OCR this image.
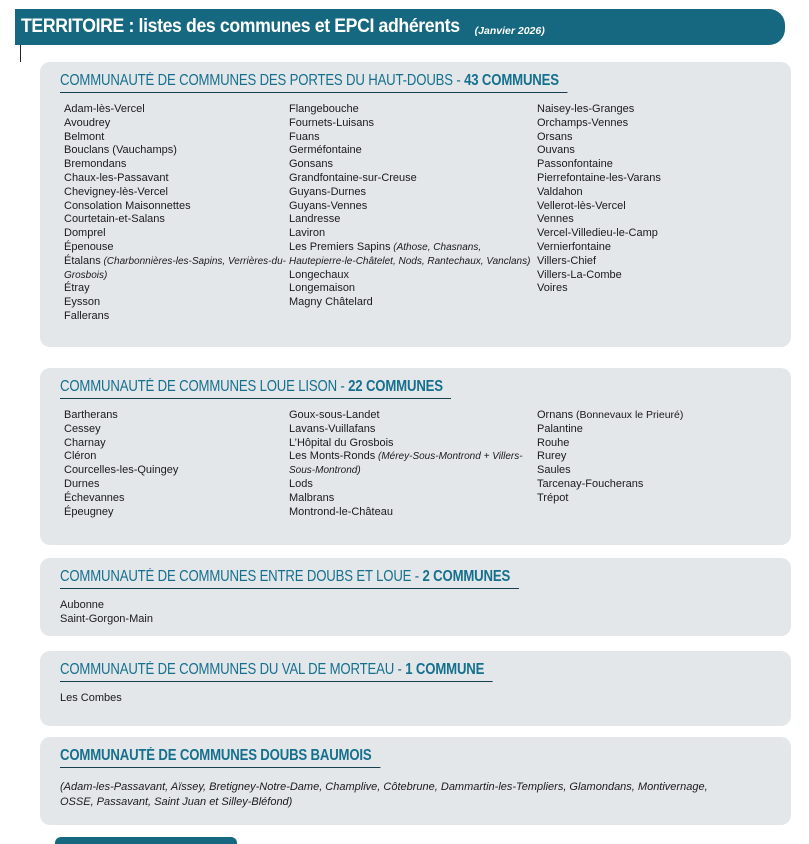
TERRITOIRE : listes des communes et EPCI adhérents (Janvier 2026)
COMMUNAUTÉ DE COMMUNES DES PORTES DU HAUT-DOUBS - 43 COMMUNES
Adam-lès-Vercel
Avoudrey
Belmont
Bouclans (Vauchamps)
Bremondans
Chaux-les-Passavant
Chevigney-lès-Vercel
Consolation Maisonnettes
Courtetain-et-Salans
Domprel
Épenouse
Étalans (Charbonnières-les-Sapins, Verrières-du-Grosbois)
Étray
Eysson
Fallerans
Flangebouche
Fournets-Luisans
Fuans
Germéfontaine
Gonsans
Grandfontaine-sur-Creuse
Guyans-Durnes
Guyans-Vennes
Landresse
Laviron
Les Premiers Sapins (Athose, Chasnans, Hautepierre-le-Châtelet, Nods, Rantechaux, Vanclans)
Longechaux
Longemaison
Magny Châtelard
Naisey-les-Granges
Orchamps-Vennes
Orsans
Ouvans
Passonfontaine
Pierrefontaine-les-Varans
Valdahon
Vellerot-lès-Vercel
Vennes
Vercel-Villedieu-le-Camp
Vernierfontaine
Villers-Chief
Villers-La-Combe
Voires
COMMUNAUTÉ DE COMMUNES LOUE LISON - 22 COMMUNES
Bartherans
Cessey
Charnay
Cléron
Courcelles-les-Quingey
Durnes
Échevannes
Épeugney
Goux-sous-Landet
Lavans-Vuillafans
L’Hôpital du Grosbois
Les Monts-Ronds (Mérey-Sous-Montrond + Villers-Sous-Montrond)
Lods
Malbrans
Montrond-le-Château
Ornans (Bonnevaux le Prieuré)
Palantine
Rouhe
Rurey
Saules
Tarcenay-Foucherans
Trépot
COMMUNAUTÉ DE COMMUNES ENTRE DOUBS ET LOUE - 2 COMMUNES
Aubonne
Saint-Gorgon-Main
COMMUNAUTÉ DE COMMUNES DU VAL DE MORTEAU - 1 COMMUNE
Les Combes
COMMUNAUTÉ DE COMMUNES DOUBS BAUMOIS

(Adam-les-Passavant, Aïssey, Bretigney-Notre-Dame, Champlive, Côtebrune, Dammartin-les-Templiers, Glamondans, Montivernage, OSSE, Passavant, Saint Juan et Silley-Bléfond)
